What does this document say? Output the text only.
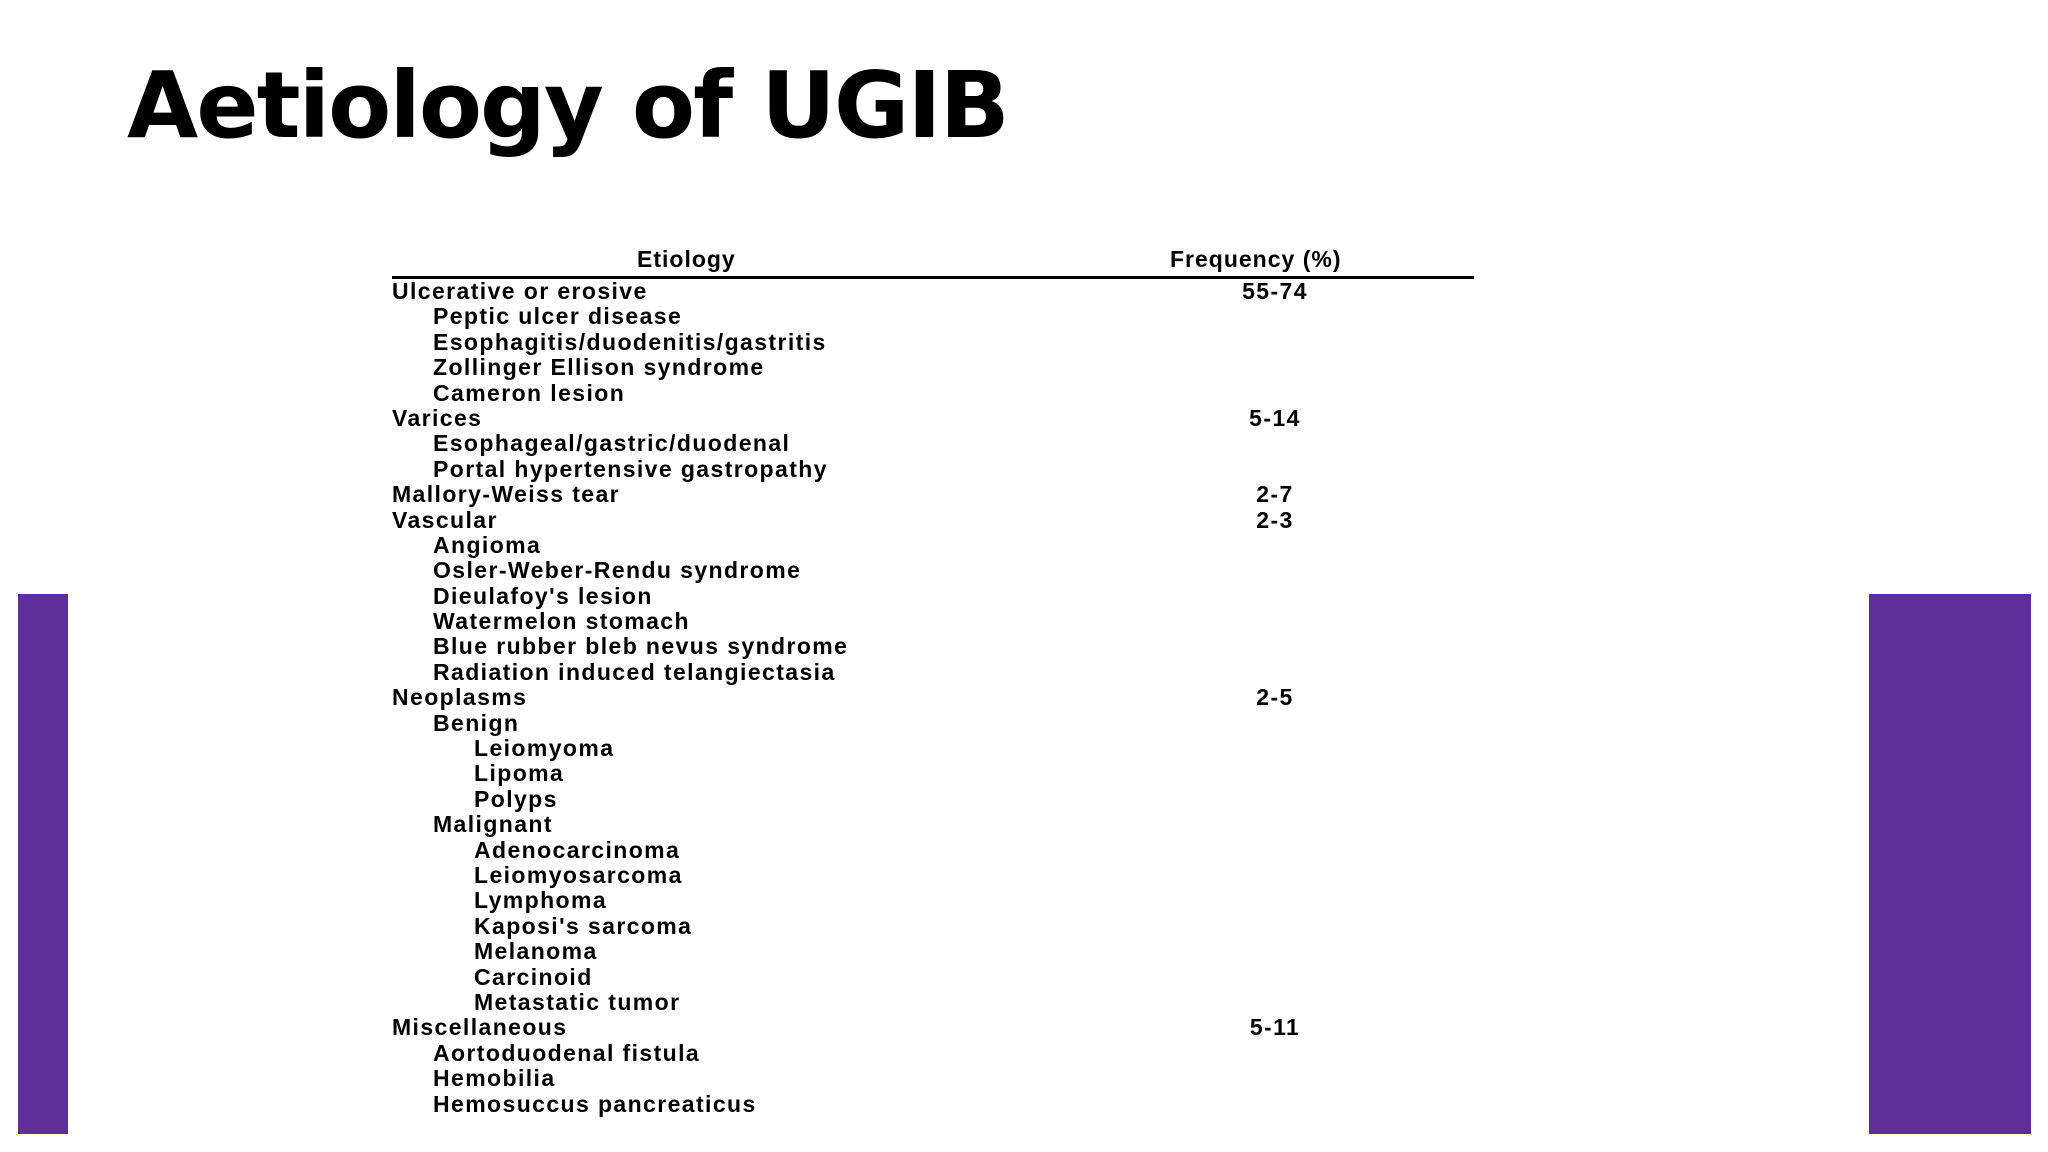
Aetiology of UGIB
Etiology	Frequency (%)
Ulcerative or erosive	55-74
Peptic ulcer disease
Esophagitis/duodenitis/gastritis
Zollinger Ellison syndrome
Cameron lesion
Varices	5-14
Esophageal/gastric/duodenal
Portal hypertensive gastropathy
Mallory-Weiss tear	2-7
Vascular	2-3
Angioma
Osler-Weber-Rendu syndrome
Dieulafoy's lesion
Watermelon stomach
Blue rubber bleb nevus syndrome
Radiation induced telangiectasia
Neoplasms	2-5
Benign
Leiomyoma
Lipoma
Polyps
Malignant
Adenocarcinoma
Leiomyosarcoma
Lymphoma
Kaposi's sarcoma
Melanoma
Carcinoid
Metastatic tumor
Miscellaneous	5-11
Aortoduodenal fistula
Hemobilia
Hemosuccus pancreaticus
